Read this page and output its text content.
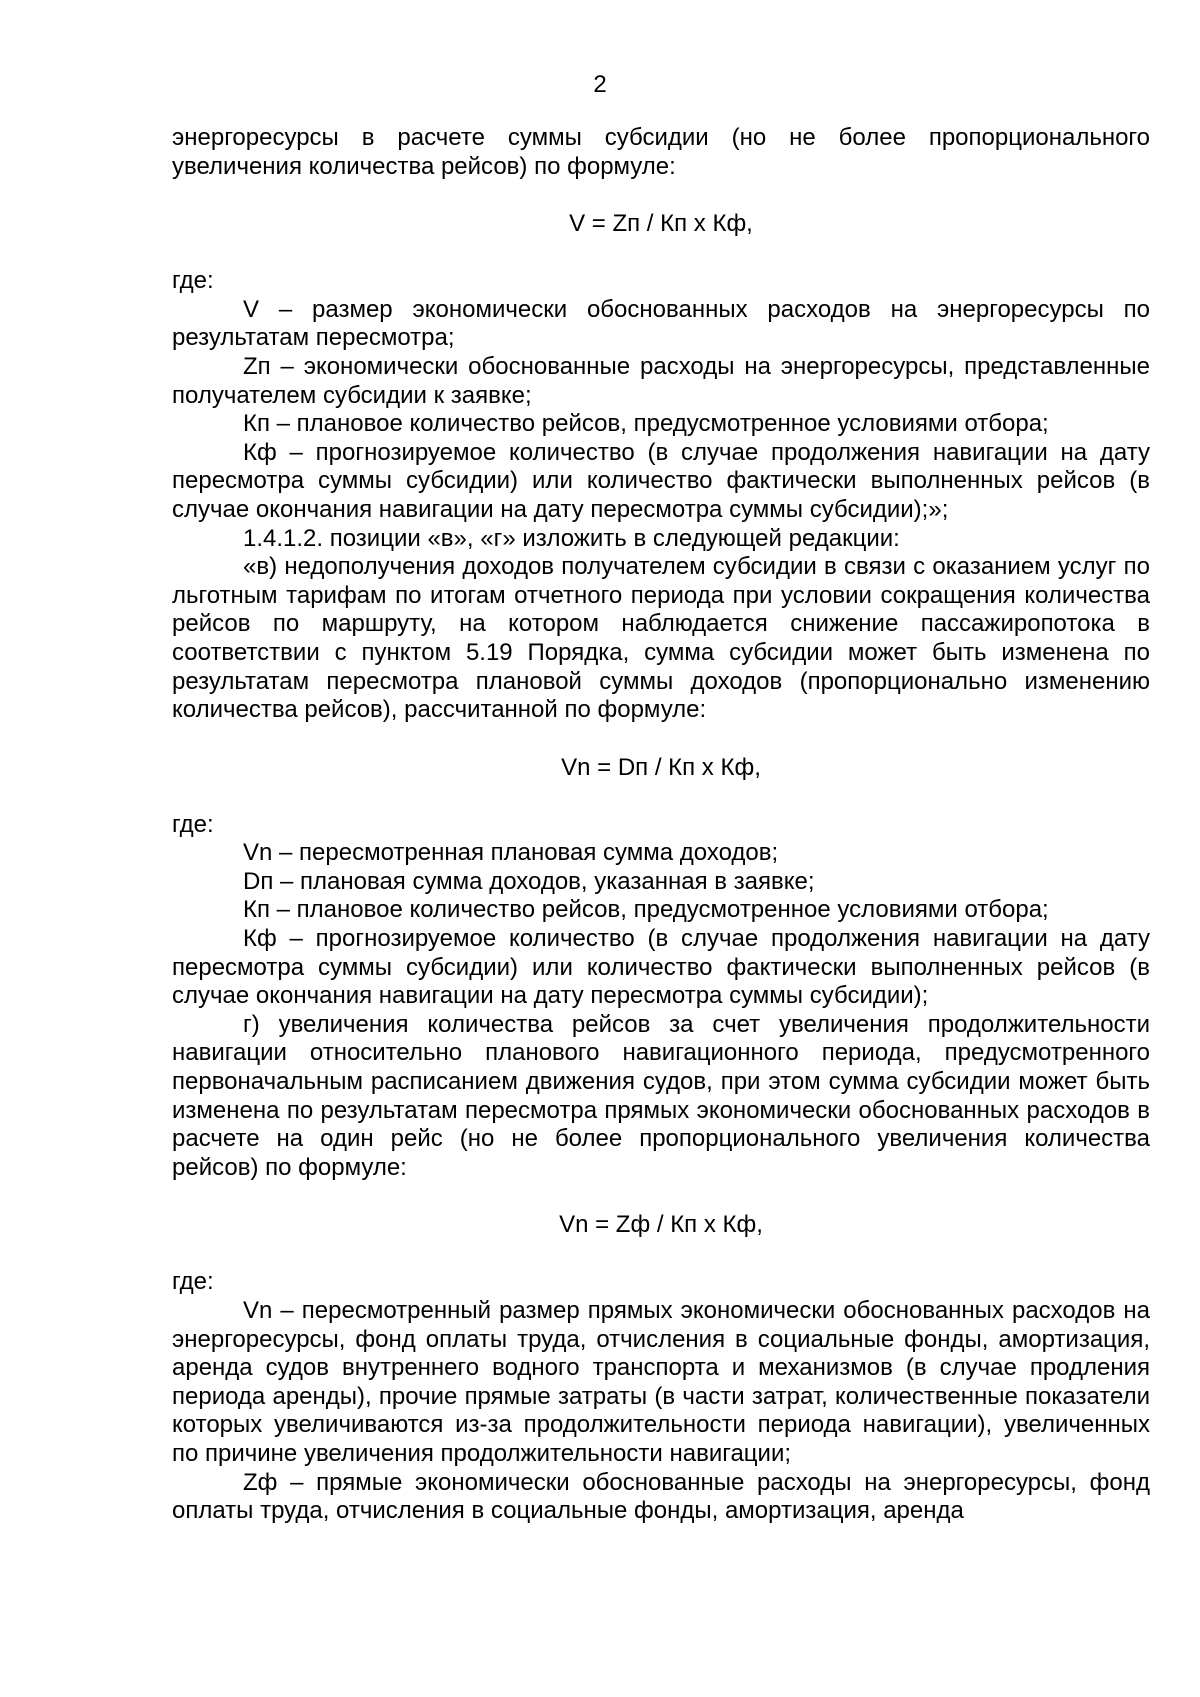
2

энергоресурсы в расчете суммы субсидии (но не более пропорционального увеличения количества рейсов) по формуле:

V = Zп / Кп х Кф,

где:

V – размер экономически обоснованных расходов на энергоресурсы по результатам пересмотра;

Zп – экономически обоснованные расходы на энергоресурсы, представленные получателем субсидии к заявке;

Кп – плановое количество рейсов, предусмотренное условиями отбора;

Кф – прогнозируемое количество (в случае продолжения навигации на дату пересмотра суммы субсидии) или количество фактически выполненных рейсов (в случае окончания навигации на дату пересмотра суммы субсидии);»;

1.4.1.2. позиции «в», «г» изложить в следующей редакции:

«в) недополучения доходов получателем субсидии в связи с оказанием услуг по льготным тарифам по итогам отчетного периода при условии сокращения количества рейсов по маршруту, на котором наблюдается снижение пассажиропотока в соответствии с пунктом 5.19 Порядка, сумма субсидии может быть изменена по результатам пересмотра плановой суммы доходов (пропорционально изменению количества рейсов), рассчитанной по формуле:

Vn = Dп / Кп х Кф,

где:

Vn – пересмотренная плановая сумма доходов;

Dп – плановая сумма доходов, указанная в заявке;

Кп – плановое количество рейсов, предусмотренное условиями отбора;

Кф – прогнозируемое количество (в случае продолжения навигации на дату пересмотра суммы субсидии) или количество фактически выполненных рейсов (в случае окончания навигации на дату пересмотра суммы субсидии);

г) увеличения количества рейсов за счет увеличения продолжительности навигации относительно планового навигационного периода, предусмотренного первоначальным расписанием движения судов, при этом сумма субсидии может быть изменена по результатам пересмотра прямых экономически обоснованных расходов в расчете на один рейс (но не более пропорционального увеличения количества рейсов) по формуле:

Vn = Zф / Кп х Кф,

где:

Vn – пересмотренный размер прямых экономически обоснованных расходов на энергоресурсы, фонд оплаты труда, отчисления в социальные фонды, амортизация, аренда судов внутреннего водного транспорта и механизмов (в случае продления периода аренды), прочие прямые затраты (в части затрат, количественные показатели которых увеличиваются из-за продолжительности периода навигации), увеличенных по причине увеличения продолжительности навигации;

Zф – прямые экономически обоснованные расходы на энергоресурсы, фонд оплаты труда, отчисления в социальные фонды, амортизация, аренда
